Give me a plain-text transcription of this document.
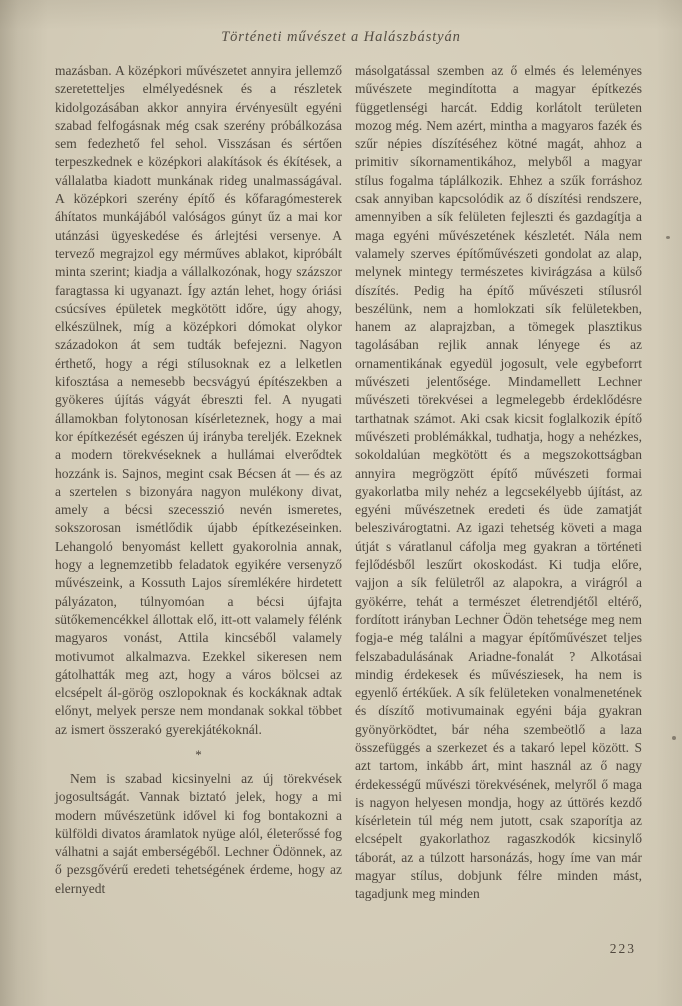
Történeti művészet a Halászbástyán

mazásban. A középkori művészetet annyira jellemző szeretetteljes elmélyedésnek és a részletek kidolgozásában akkor annyira érvényesült egyéni szabad felfogásnak még csak szerény próbálkozása sem fedezhető fel sehol. Visszásan és sértően terpeszkednek e középkori alakítások és ékítések, a vállalatba kiadott munkának rideg unalmasságával. A középkori szerény építő és kőfaragómesterek áhítatos munkájából valóságos gúnyt űz a mai kor utánzási ügyeskedése és árlejtési versenye. A tervező megrajzol egy mérműves ablakot, kipróbált minta szerint; kiadja a vállalkozónak, hogy százszor faragtassa ki ugyanazt. Így aztán lehet, hogy óriási csúcsíves épületek megkötött időre, úgy ahogy, elkészülnek, míg a középkori dómokat olykor századokon át sem tudták befejezni. Nagyon érthető, hogy a régi stílusoknak ez a lelketlen kifosztása a nemesebb becsvágyú építészekben a gyökeres újítás vágyát ébreszti fel. A nyugati államokban folytonosan kísérleteznek, hogy a mai kor építkezését egészen új irányba tereljék. Ezeknek a modern törekvéseknek a hullámai elverődtek hozzánk is. Sajnos, megint csak Bécsen át — és az a szertelen s bizonyára nagyon mulékony divat, amely a bécsi szecesszió nevén ismeretes, sokszorosan ismétlődik újabb építkezéseinken. Lehangoló benyomást kellett gyakorolnia annak, hogy a legnemzetibb feladatok egyikére versenyző művészeink, a Kossuth Lajos síremlékére hirdetett pályázaton, túlnyomóan a bécsi újfajta sütőkemencékkel állottak elő, itt-ott valamely félénk magyaros vonást, Attila kincséből valamely motivumot alkalmazva. Ezekkel sikeresen nem gátolhatták meg azt, hogy a város bölcsei az elcsépelt ál-görög oszlopoknak és kockáknak adtak előnyt, melyek persze nem mondanak sokkal többet az ismert összerakó gyerekjátékoknál.

*

Nem is szabad kicsinyelni az új törekvések jogosultságát. Vannak biztató jelek, hogy a mi modern művészetünk idővel ki fog bontakozni a külföldi divatos áramlatok nyüge alól, életerőssé fog válhatni a saját emberségéből. Lechner Ödönnek, az ő pezsgővérű eredeti tehetségének érdeme, hogy az elernyedt

másolgatással szemben az ő elmés és leleményes művészete megindította a magyar építkezés függetlenségi harcát. Eddig korlátolt területen mozog még. Nem azért, mintha a magyaros fazék és szűr népies díszítéséhez kötné magát, ahhoz a primitiv síkornamentikához, melyből a magyar stílus fogalma táplálkozik. Ehhez a szűk forráshoz csak annyiban kapcsolódik az ő díszítési rendszere, amennyiben a sík felületen fejleszti és gazdagítja a maga egyéni művészetének készletét. Nála nem valamely szerves építőművészeti gondolat az alap, melynek mintegy természetes kivirágzása a külső díszítés. Pedig ha építő művészeti stílusról beszélünk, nem a homlokzati sík felületekben, hanem az alaprajzban, a tömegek plasztikus tagolásában rejlik annak lényege és az ornamentikának egyedül jogosult, vele egybeforrt művészeti jelentősége. Mindamellett Lechner művészeti törekvései a legmelegebb érdeklődésre tarthatnak számot. Aki csak kicsit foglalkozik építő művészeti problémákkal, tudhatja, hogy a nehézkes, sokoldalúan megkötött és a megszokottságban annyira megrögzött építő művészeti formai gyakorlatba mily nehéz a legcsekélyebb újítást, az egyéni művészetnek eredeti és üde zamatját beleszivárogtatni. Az igazi tehetség követi a maga útját s váratlanul cáfolja meg gyakran a történeti fejlődésből leszűrt okoskodást. Ki tudja előre, vajjon a sík felületről az alapokra, a virágról a gyökérre, tehát a természet életrendjétől eltérő, fordított irányban Lechner Ödön tehetsége meg nem fogja-e még találni a magyar építőművészet teljes felszabadulásának Ariadne-fonalát ? Alkotásai mindig érdekesek és művésziesek, ha nem is egyenlő értékűek. A sík felületeken vonalmenetének és díszítő motivumainak egyéni bája gyakran gyönyörködtet, bár néha szembeötlő a laza összefüggés a szerkezet és a takaró lepel között. S azt tartom, inkább árt, mint használ az ő nagy érdekességű művészi törekvésének, melyről ő maga is nagyon helyesen mondja, hogy az úttörés kezdő kísérletein túl még nem jutott, csak szaporítja az elcsépelt gyakorlathoz ragaszkodók kicsinylő táborát, az a túlzott harsonázás, hogy íme van már magyar stílus, dobjunk félre minden mást, tagadjunk meg minden

223
